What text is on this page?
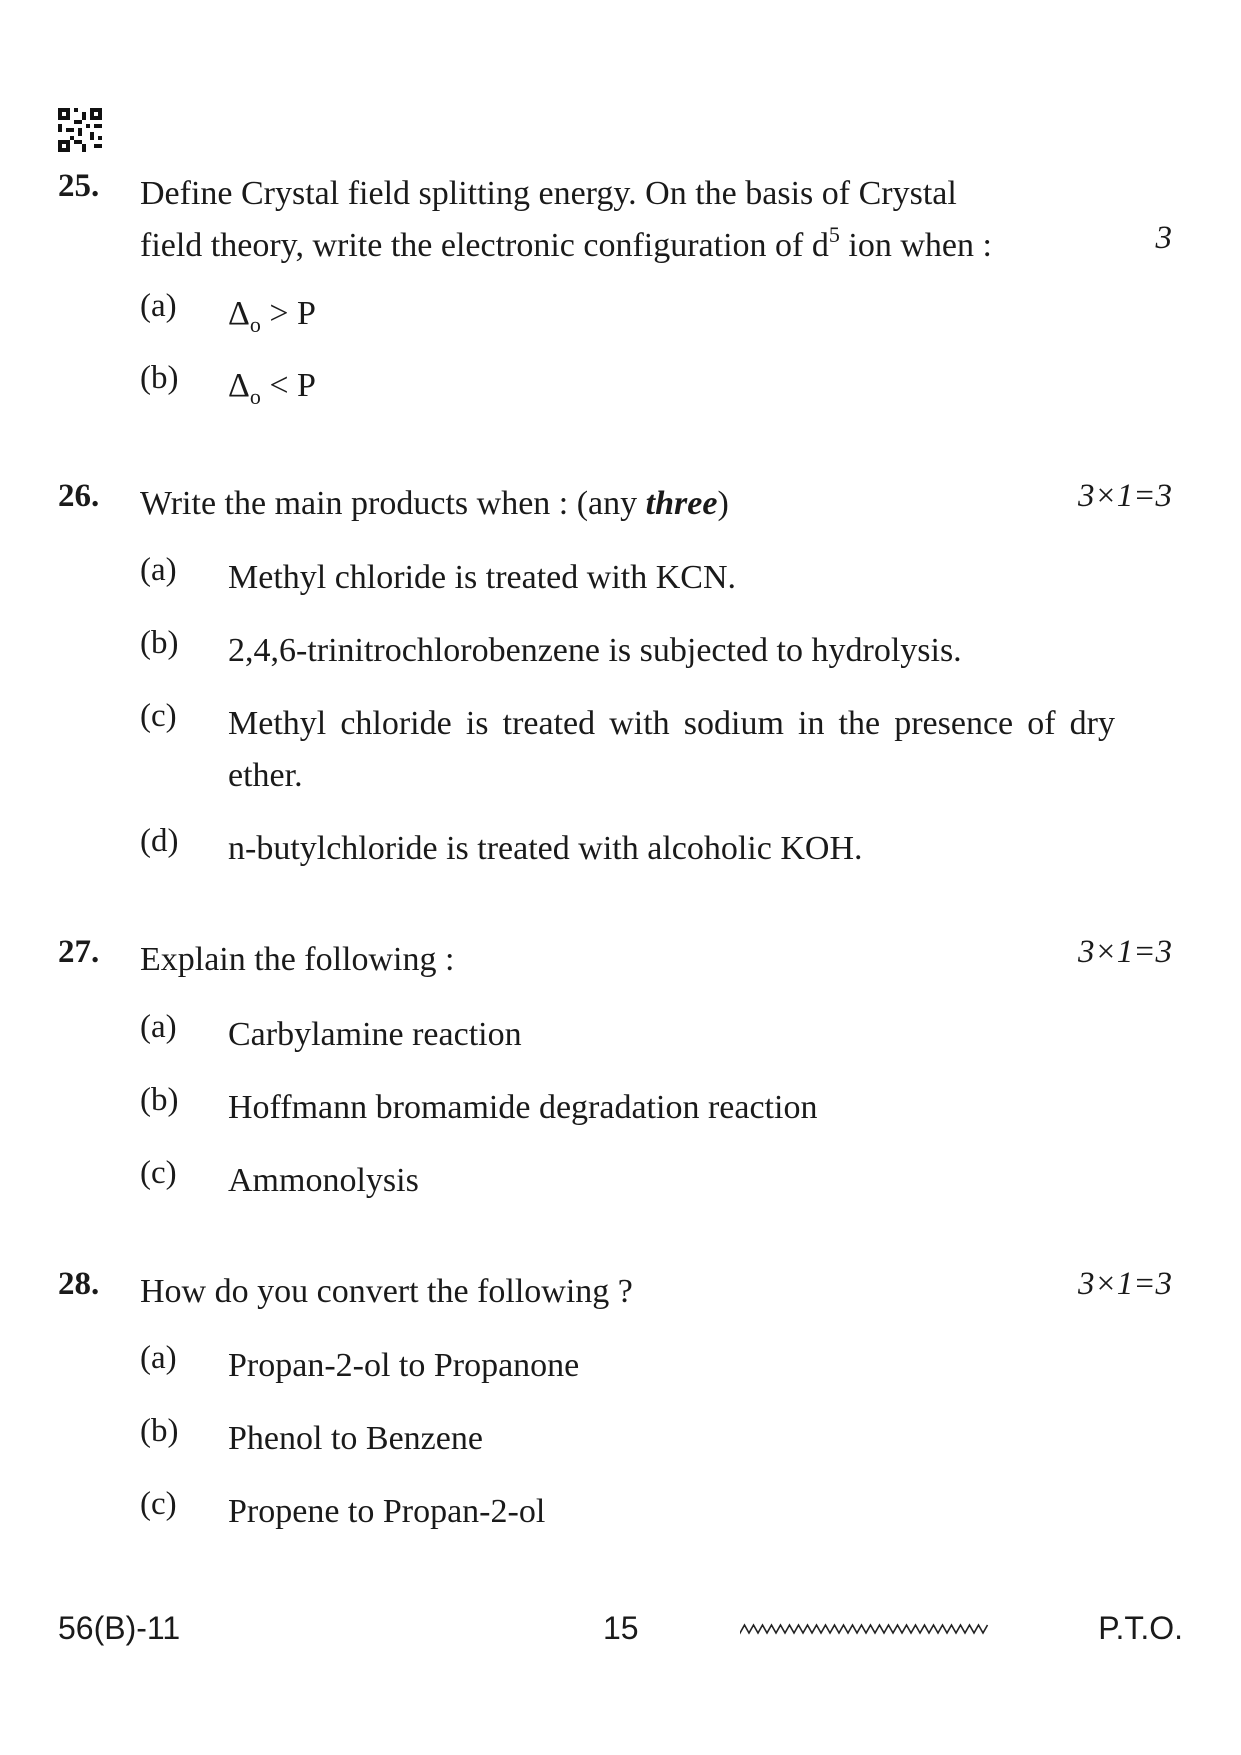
25. Define Crystal field splitting energy. On the basis of Crystal
field theory, write the electronic configuration of $d^5$ ion when :	3
(a) $\Delta_o > P$
(b) $\Delta_o < P$
26. Write the main products when : (any three)	3×1=3
(a) Methyl chloride is treated with KCN.
(b) 2,4,6-trinitrochlorobenzene is subjected to hydrolysis.
(c) Methyl chloride is treated with sodium in the presence of dry ether.
(d) n-butylchloride is treated with alcoholic KOH.
27. Explain the following :	3×1=3
(a) Carbylamine reaction
(b) Hoffmann bromamide degradation reaction
(c) Ammonolysis
28. How do you convert the following ?	3×1=3
(a) Propan-2-ol to Propanone
(b) Phenol to Benzene
(c) Propene to Propan-2-ol
56(B)-11	15	P.T.O.
